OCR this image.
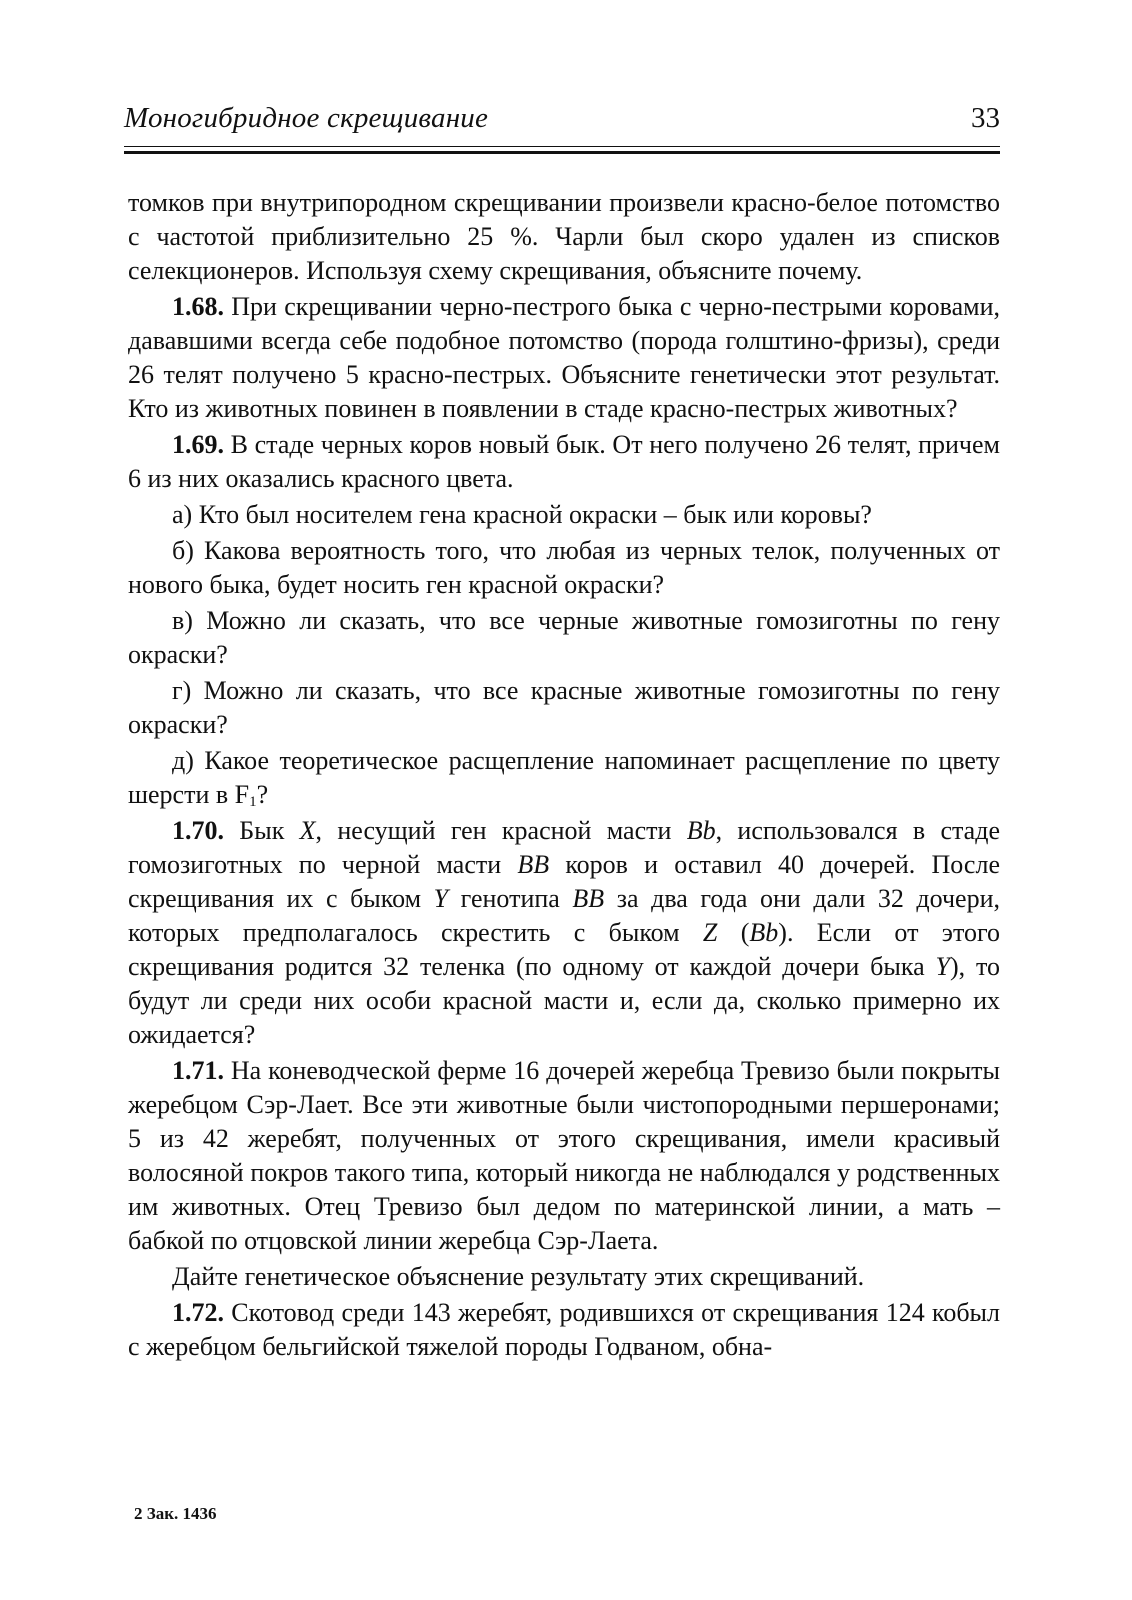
Моногибридное скрещивание	33

томков при внутрипородном скрещивании произвели красно-белое потомство с частотой приблизительно 25 %. Чарли был скоро удален из списков селекционеров. Используя схему скрещивания, объясните почему.

1.68. При скрещивании черно-пестрого быка с черно-пестрыми коровами, дававшими всегда себе подобное потомство (порода голштино-фризы), среди 26 телят получено 5 красно-пестрых. Объясните генетически этот результат. Кто из животных повинен в появлении в стаде красно-пестрых животных?

1.69. В стаде черных коров новый бык. От него получено 26 телят, причем 6 из них оказались красного цвета.

а) Кто был носителем гена красной окраски – бык или коровы?

б) Какова вероятность того, что любая из черных телок, полученных от нового быка, будет носить ген красной окраски?

в) Можно ли сказать, что все черные животные гомозиготны по гену окраски?

г) Можно ли сказать, что все красные животные гомозиготны по гену окраски?

д) Какое теоретическое расщепление напоминает расщепление по цвету шерсти в $F_1$?

1.70. Бык X, несущий ген красной масти Bb, использовался в стаде гомозиготных по черной масти BB коров и оставил 40 дочерей. После скрещивания их с быком Y генотипа BB за два года они дали 32 дочери, которых предполагалось скрестить с быком Z (Bb). Если от этого скрещивания родится 32 теленка (по одному от каждой дочери быка Y), то будут ли среди них особи красной масти и, если да, сколько примерно их ожидается?

1.71. На коневодческой ферме 16 дочерей жеребца Тревизо были покрыты жеребцом Сэр-Лает. Все эти животные были чистопородными першеронами; 5 из 42 жеребят, полученных от этого скрещивания, имели красивый волосяной покров такого типа, который никогда не наблюдался у родственных им животных. Отец Тревизо был дедом по материнской линии, а мать – бабкой по отцовской линии жеребца Сэр-Лаета.

Дайте генетическое объяснение результату этих скрещиваний.

1.72. Скотовод среди 143 жеребят, родившихся от скрещивания 124 кобыл с жеребцом бельгийской тяжелой породы Годваном, обна-

2 Зак. 1436
